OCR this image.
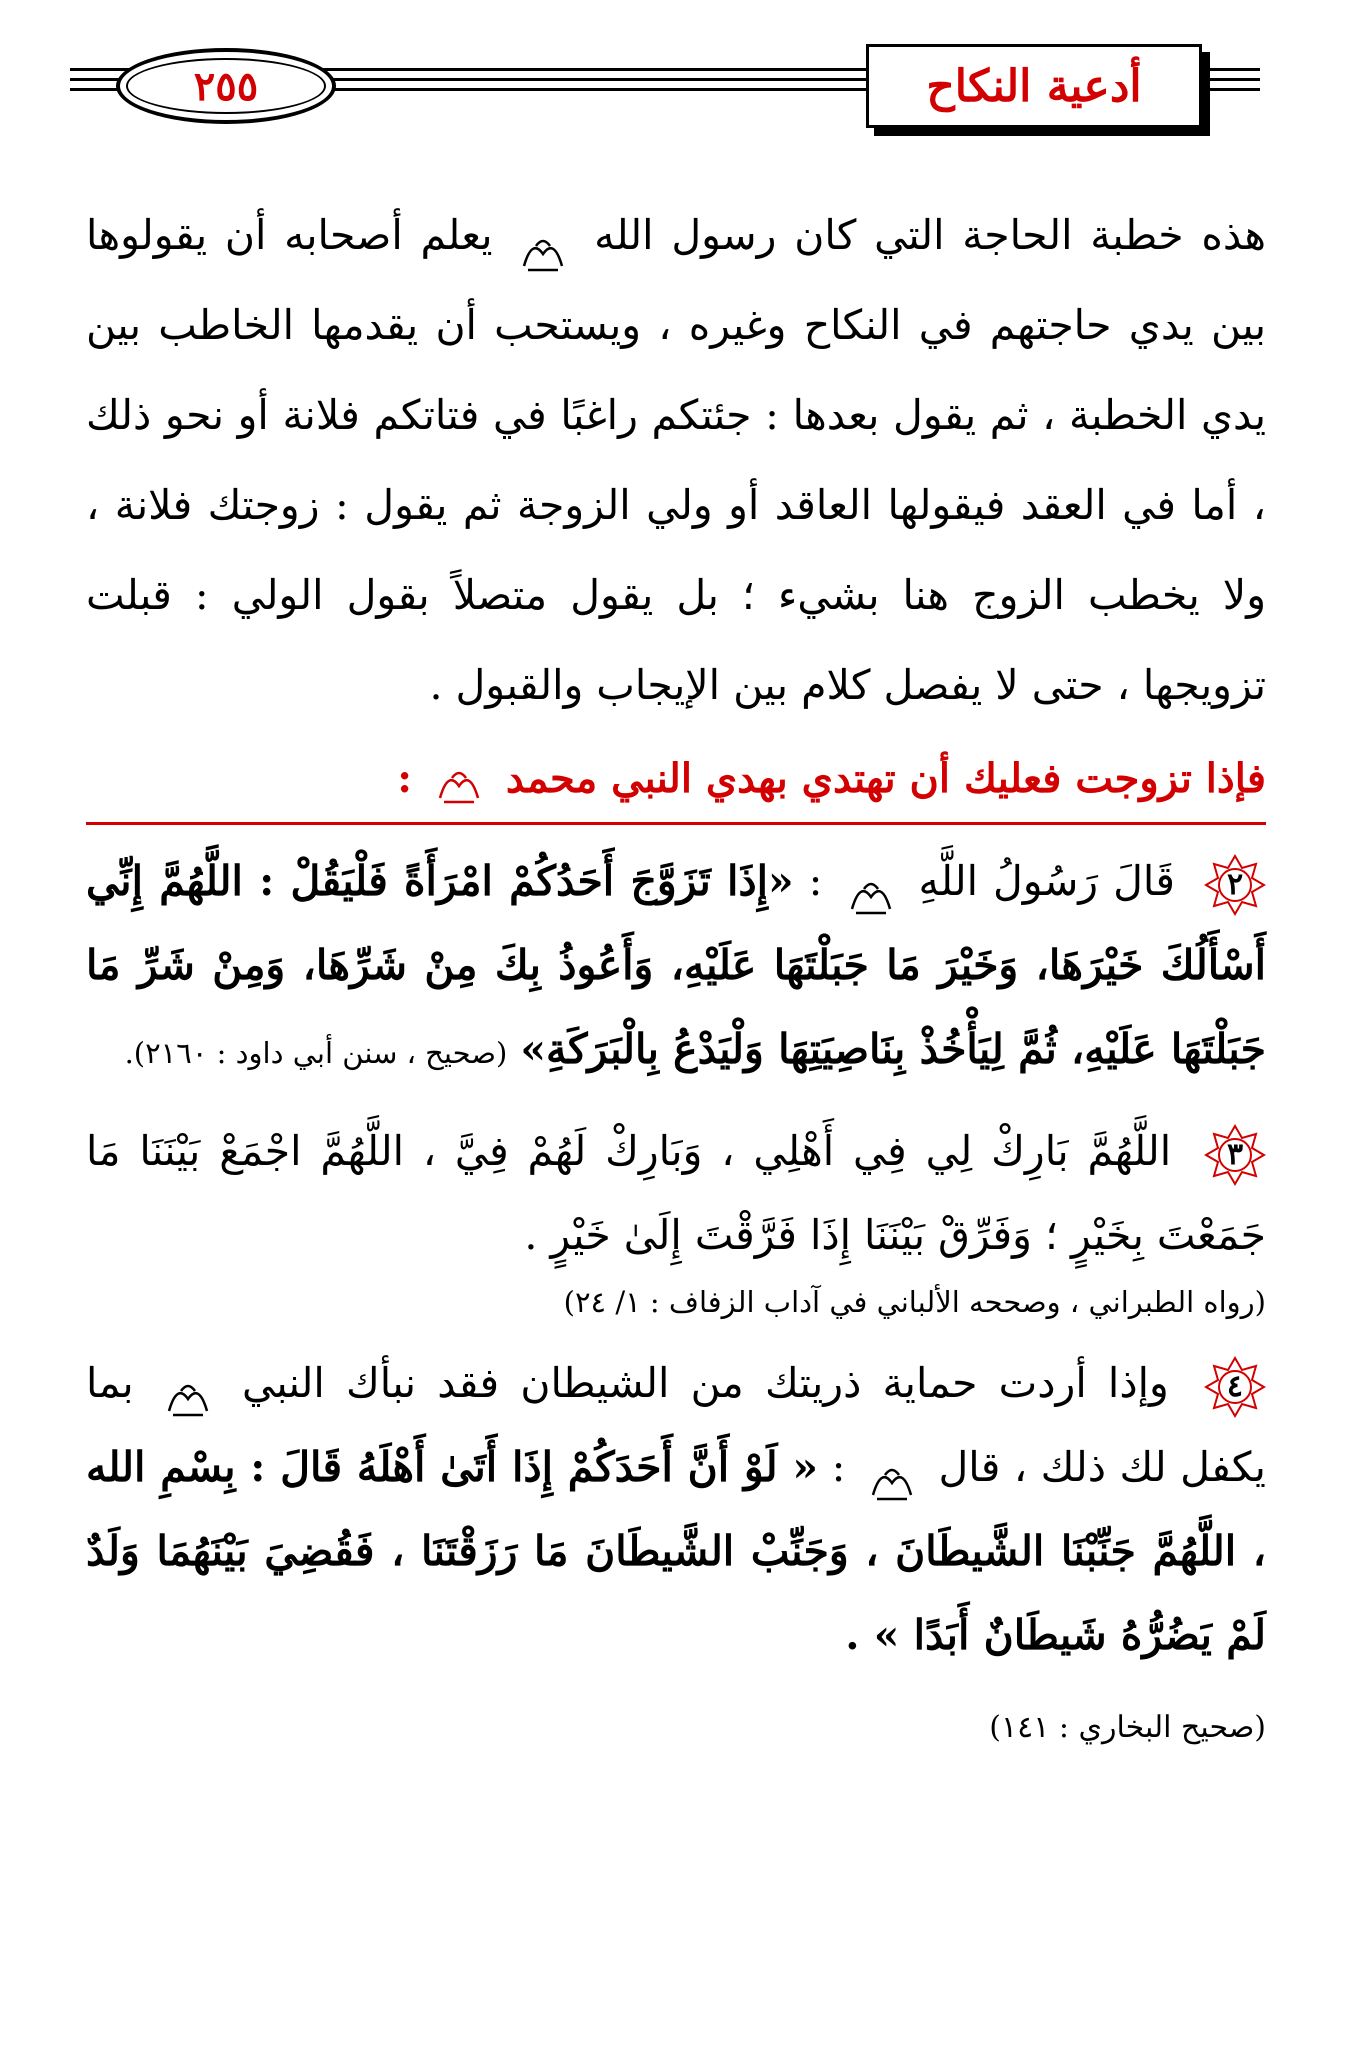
أدعية النكاح
٢٥٥

هذه خطبة الحاجة التي كان رسول الله  يعلم أصحابه أن يقولوها بين يدي حاجتهم في النكاح وغيره ، ويستحب أن يقدمها الخاطب بين يدي الخطبة ، ثم يقول بعدها : جئتكم راغبًا في فتاتكم فلانة أو نحو ذلك ، أما في العقد فيقولها العاقد أو ولي الزوجة ثم يقول : زوجتك فلانة ، ولا يخطب الزوج هنا بشيء ؛ بل يقول متصلاً بقول الولي : قبلت تزويجها ، حتى لا يفصل كلام بين الإيجاب والقبول .

فإذا تزوجت فعليك أن تهتدي بهدي النبي محمد  :
٢
قَالَ رَسُولُ اللَّهِ  : «إِذَا تَزَوَّجَ أَحَدُكُمْ امْرَأَةً فَلْيَقُلْ : اللَّهُمَّ إِنِّي أَسْأَلُكَ خَيْرَهَا، وَخَيْرَ مَا جَبَلْتَهَا عَلَيْهِ، وَأَعُوذُ بِكَ مِنْ شَرِّهَا، وَمِنْ شَرِّ مَا جَبَلْتَهَا عَلَيْهِ، ثُمَّ لِيَأْخُذْ بِنَاصِيَتِهَا وَلْيَدْعُ بِالْبَرَكَةِ» (صحيح ، سنن أبي داود : ٢١٦٠).
٣
اللَّهُمَّ بَارِكْ لِي فِي أَهْلِي ، وَبَارِكْ لَهُمْ فِيَّ ، اللَّهُمَّ اجْمَعْ بَيْنَنَا مَا جَمَعْتَ بِخَيْرٍ ؛ وَفَرِّقْ بَيْنَنَا إِذَا فَرَّقْتَ إِلَىٰ خَيْرٍ .

(رواه الطبراني ، وصححه الألباني في آداب الزفاف : ١/ ٢٤)

٤
وإذا أردت حماية ذريتك من الشيطان فقد نبأك النبي  بما يكفل لك ذلك ، قال  : « لَوْ أَنَّ أَحَدَكُمْ إِذَا أَتَىٰ أَهْلَهُ قَالَ : بِسْمِ الله ، اللَّهُمَّ جَنِّبْنَا الشَّيطَانَ ، وَجَنِّبْ الشَّيطَانَ مَا رَزَقْتَنَا ، فَقُضِيَ بَيْنَهُمَا وَلَدٌ لَمْ يَضُرُّهُ شَيطَانٌ أَبَدًا » .

(صحيح البخاري : ١٤١)
